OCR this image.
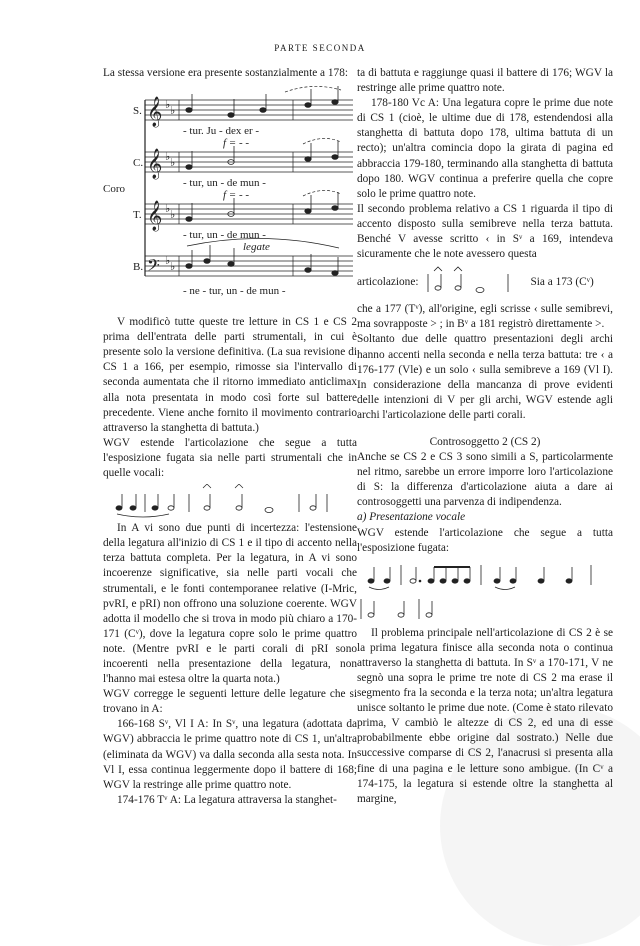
PARTE SECONDA

La stessa versione era presente sostanzialmente a 178:

𝄞
𝄞
𝄞
𝄢
♭ ♭
♭ ♭
♭ ♭
♭ ♭
S.
C.
Coro
T.
B.
- tur. Ju - dex er -
- tur, un - de mun -
- tur, un - de mun -
- ne - tur, un - de mun -
f = - -
f = - -
legate

V modificò tutte queste tre letture in CS 1 e CS 2 prima dell'entrata delle parti strumentali, in cui è presente solo la versione definitiva. (La sua revisione di CS 1 a 166, per esempio, rimosse sia l'intervallo di seconda aumentata che il ritorno immediato anticlimax alla nota presentata in modo così forte sul battere precedente. Viene anche fornito il movimento contrario attraverso la stanghetta di battuta.)

WGV estende l'articolazione che segue a tutta l'esposizione fugata sia nelle parti strumentali che in quelle vocali:

In A vi sono due punti di incertezza: l'estensione della legatura all'inizio di CS 1 e il tipo di accento nella terza battuta completa. Per la legatura, in A vi sono incoerenze significative, sia nelle parti vocali che strumentali, e le fonti contemporanee relative (I-Mric, pvRI, e pRI) non offrono una soluzione coerente. WGV adotta il modello che si trova in modo più chiaro a 170-171 (Cᵛ), dove la legatura copre solo le prime quattro note. (Mentre pvRI e le parti corali di pRI sono incoerenti nella presentazione della legatura, non l'hanno mai estesa oltre la quarta nota.)

WGV corregge le seguenti letture delle legature che si trovano in A:

166-168 Sᵛ, Vl I A: In Sᵛ, una legatura (adottata da WGV) abbraccia le prime quattro note di CS 1, un'altra (eliminata da WGV) va dalla seconda alla sesta nota. In Vl I, essa continua leggermente dopo il battere di 168; WGV la restringe alle prime quattro note.

174-176 Tᵛ A: La legatura attraversa la stanghet-

ta di battuta e raggiunge quasi il battere di 176; WGV la restringe alle prime quattro note.

178-180 Vc A: Una legatura copre le prime due note di CS 1 (cioè, le ultime due di 178, estendendosi alla stanghetta di battuta dopo 178, ultima battuta di un recto); un'altra comincia dopo la girata di pagina ed abbraccia 179-180, terminando alla stanghetta di battuta dopo 180. WGV continua a preferire quella che copre solo le prime quattro note.

Il secondo problema relativo a CS 1 riguarda il tipo di accento disposto sulla semibreve nella terza battuta. Benché V avesse scritto ‹ in Sᵛ a 169, intendeva sicuramente che le note avessero questa

articolazione:	Sia a 173 (Cᵛ)

che a 177 (Tᵛ), all'origine, egli scrisse ‹ sulle semibrevi, ma sovrapposte > ; in Bᵛ a 181 registrò direttamente >.

Soltanto due delle quattro presentazioni degli archi hanno accenti nella seconda e nella terza battuta: tre ‹ a 176-177 (Vle) e un solo ‹ sulla semibreve a 169 (Vl I). In considerazione della mancanza di prove evidenti delle intenzioni di V per gli archi, WGV estende agli archi l'articolazione delle parti corali.

Controsoggetto 2 (CS 2)

Anche se CS 2 e CS 3 sono simili a S, particolarmente nel ritmo, sarebbe un errore imporre loro l'articolazione di S: la differenza d'articolazione aiuta a dare ai controsoggetti una parvenza di indipendenza.

a) Presentazione vocale

WGV estende l'articolazione che segue a tutta l'esposizione fugata:

Il problema principale nell'articolazione di CS 2 è se la prima legatura finisce alla seconda nota o continua attraverso la stanghetta di battuta. In Sᵛ a 170-171, V ne segnò una sopra le prime tre note di CS 2 ma erase il segmento fra la seconda e la terza nota; un'altra legatura unisce soltanto le prime due note. (Come è stato rilevato prima, V cambiò le altezze di CS 2, ed una di esse probabilmente ebbe origine dal sostrato.) Nelle due successive comparse di CS 2, l'anacrusi si presenta alla fine di una pagina e le letture sono ambigue. (In Cᵛ a 174-175, la legatura si estende oltre la stanghetta al margine,
